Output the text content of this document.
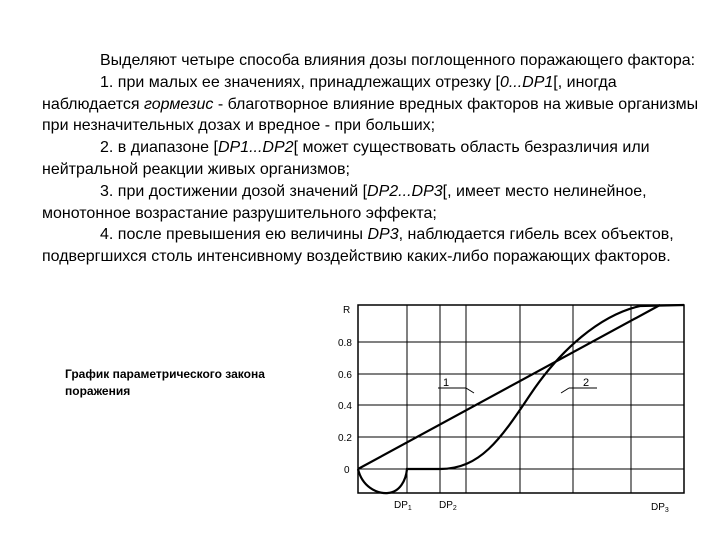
Выделяют четыре способа влияния дозы поглощенного поражающего фактора:

1. при малых ее значениях, принадлежащих отрезку [0...DP1[, иногда наблюдается гормезис - благотворное влияние вредных факторов на живые организмы при незначительных дозах и вредное - при больших;

2. в диапазоне [DP1...DP2[ может существовать область безразличия или нейтральной реакции живых организмов;

3. при достижении дозой значений [DP2...DP3[, имеет место нелинейное, монотонное возрастание разрушительного эффекта;

4. после превышения ею величины DP3, наблюдается гибель всех объектов, подвергшихся столь интенсивному воздействию каких-либо поражающих факторов.

График параметрического закона поражения
1	2
R
0.8
0.6
0.4
0.2
0
$DP_1$	$DP_2$	$DP_3$
